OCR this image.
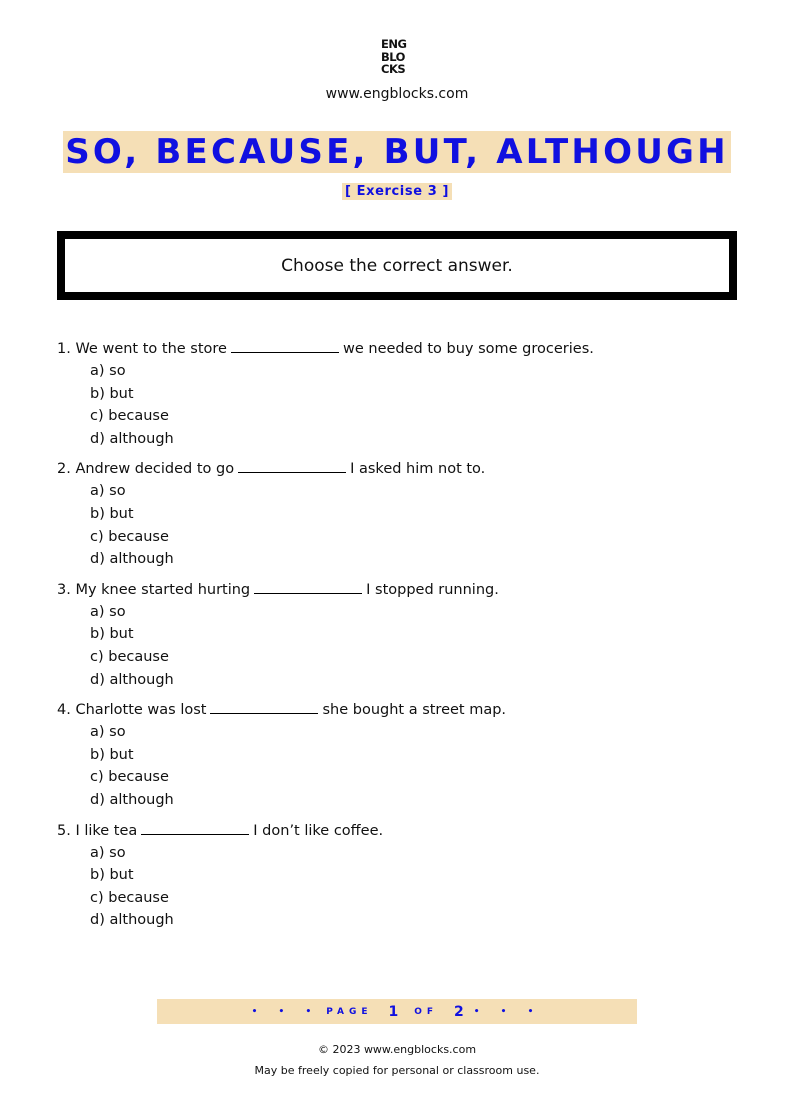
ENG
BLO
CKS
www.engblocks.com
SO, BECAUSE, BUT, ALTHOUGH
[ Exercise 3 ]
Choose the correct answer.
1. We went to the store	we needed to buy some groceries.
a) so
b) but
c) because
d) although
2. Andrew decided to go	I asked him not to.
a) so
b) but
c) because
d) although
3. My knee started hurting	I stopped running.
a) so
b) but
c) because
d) although
4. Charlotte was lost	she bought a street map.
a) so
b) but
c) because
d) although
5. I like tea	I don’t like coffee.
a) so
b) but
c) because
d) although
• • • PAGE 1 OF 2 • • •
© 2023 www.engblocks.com
May be freely copied for personal or classroom use.
